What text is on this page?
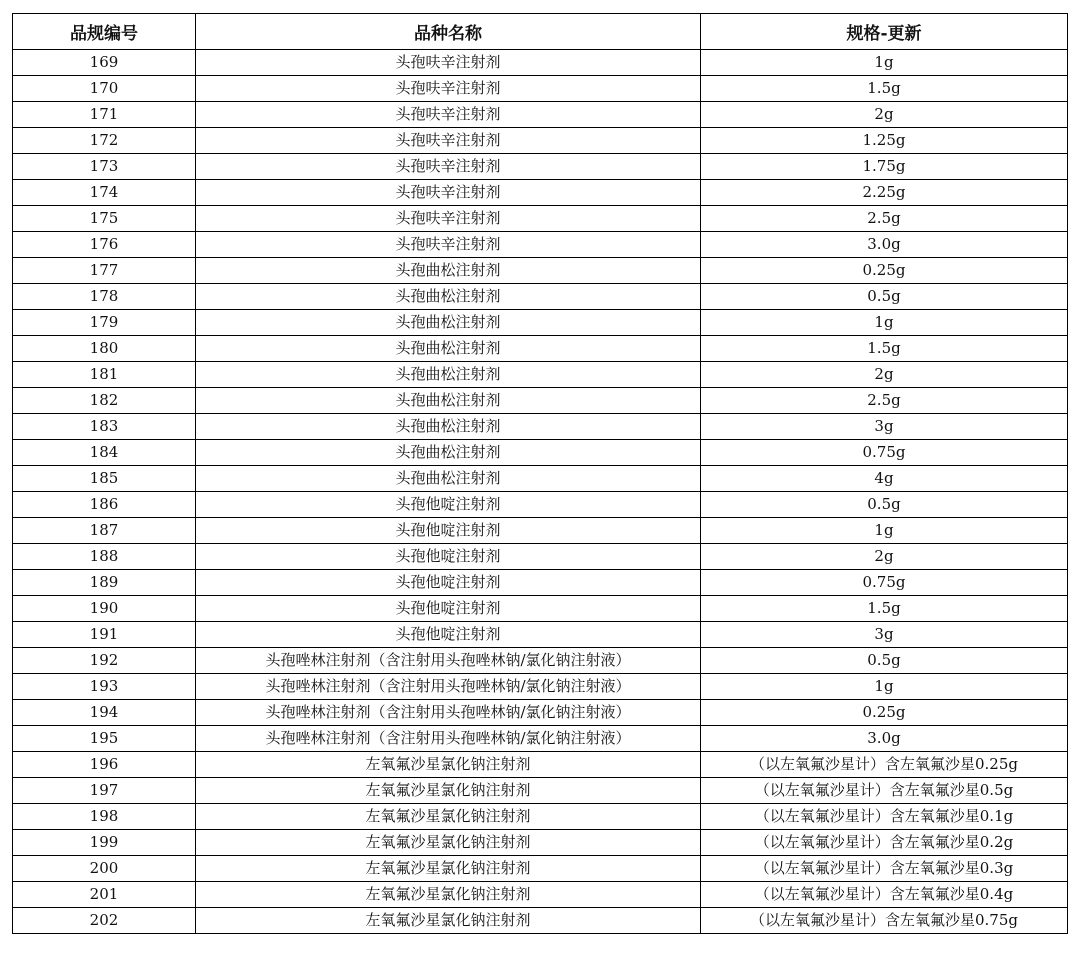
品规编号	品种名称	规格-更新
169	头孢呋辛注射剂	1g
170	头孢呋辛注射剂	1.5g
171	头孢呋辛注射剂	2g
172	头孢呋辛注射剂	1.25g
173	头孢呋辛注射剂	1.75g
174	头孢呋辛注射剂	2.25g
175	头孢呋辛注射剂	2.5g
176	头孢呋辛注射剂	3.0g
177	头孢曲松注射剂	0.25g
178	头孢曲松注射剂	0.5g
179	头孢曲松注射剂	1g
180	头孢曲松注射剂	1.5g
181	头孢曲松注射剂	2g
182	头孢曲松注射剂	2.5g
183	头孢曲松注射剂	3g
184	头孢曲松注射剂	0.75g
185	头孢曲松注射剂	4g
186	头孢他啶注射剂	0.5g
187	头孢他啶注射剂	1g
188	头孢他啶注射剂	2g
189	头孢他啶注射剂	0.75g
190	头孢他啶注射剂	1.5g
191	头孢他啶注射剂	3g
192	头孢唑林注射剂（含注射用头孢唑林钠/氯化钠注射液）	0.5g
193	头孢唑林注射剂（含注射用头孢唑林钠/氯化钠注射液）	1g
194	头孢唑林注射剂（含注射用头孢唑林钠/氯化钠注射液）	0.25g
195	头孢唑林注射剂（含注射用头孢唑林钠/氯化钠注射液）	3.0g
196	左氧氟沙星氯化钠注射剂	（以左氧氟沙星计）含左氧氟沙星0.25g
197	左氧氟沙星氯化钠注射剂	（以左氧氟沙星计）含左氧氟沙星0.5g
198	左氧氟沙星氯化钠注射剂	（以左氧氟沙星计）含左氧氟沙星0.1g
199	左氧氟沙星氯化钠注射剂	（以左氧氟沙星计）含左氧氟沙星0.2g
200	左氧氟沙星氯化钠注射剂	（以左氧氟沙星计）含左氧氟沙星0.3g
201	左氧氟沙星氯化钠注射剂	（以左氧氟沙星计）含左氧氟沙星0.4g
202	左氧氟沙星氯化钠注射剂	（以左氧氟沙星计）含左氧氟沙星0.75g
